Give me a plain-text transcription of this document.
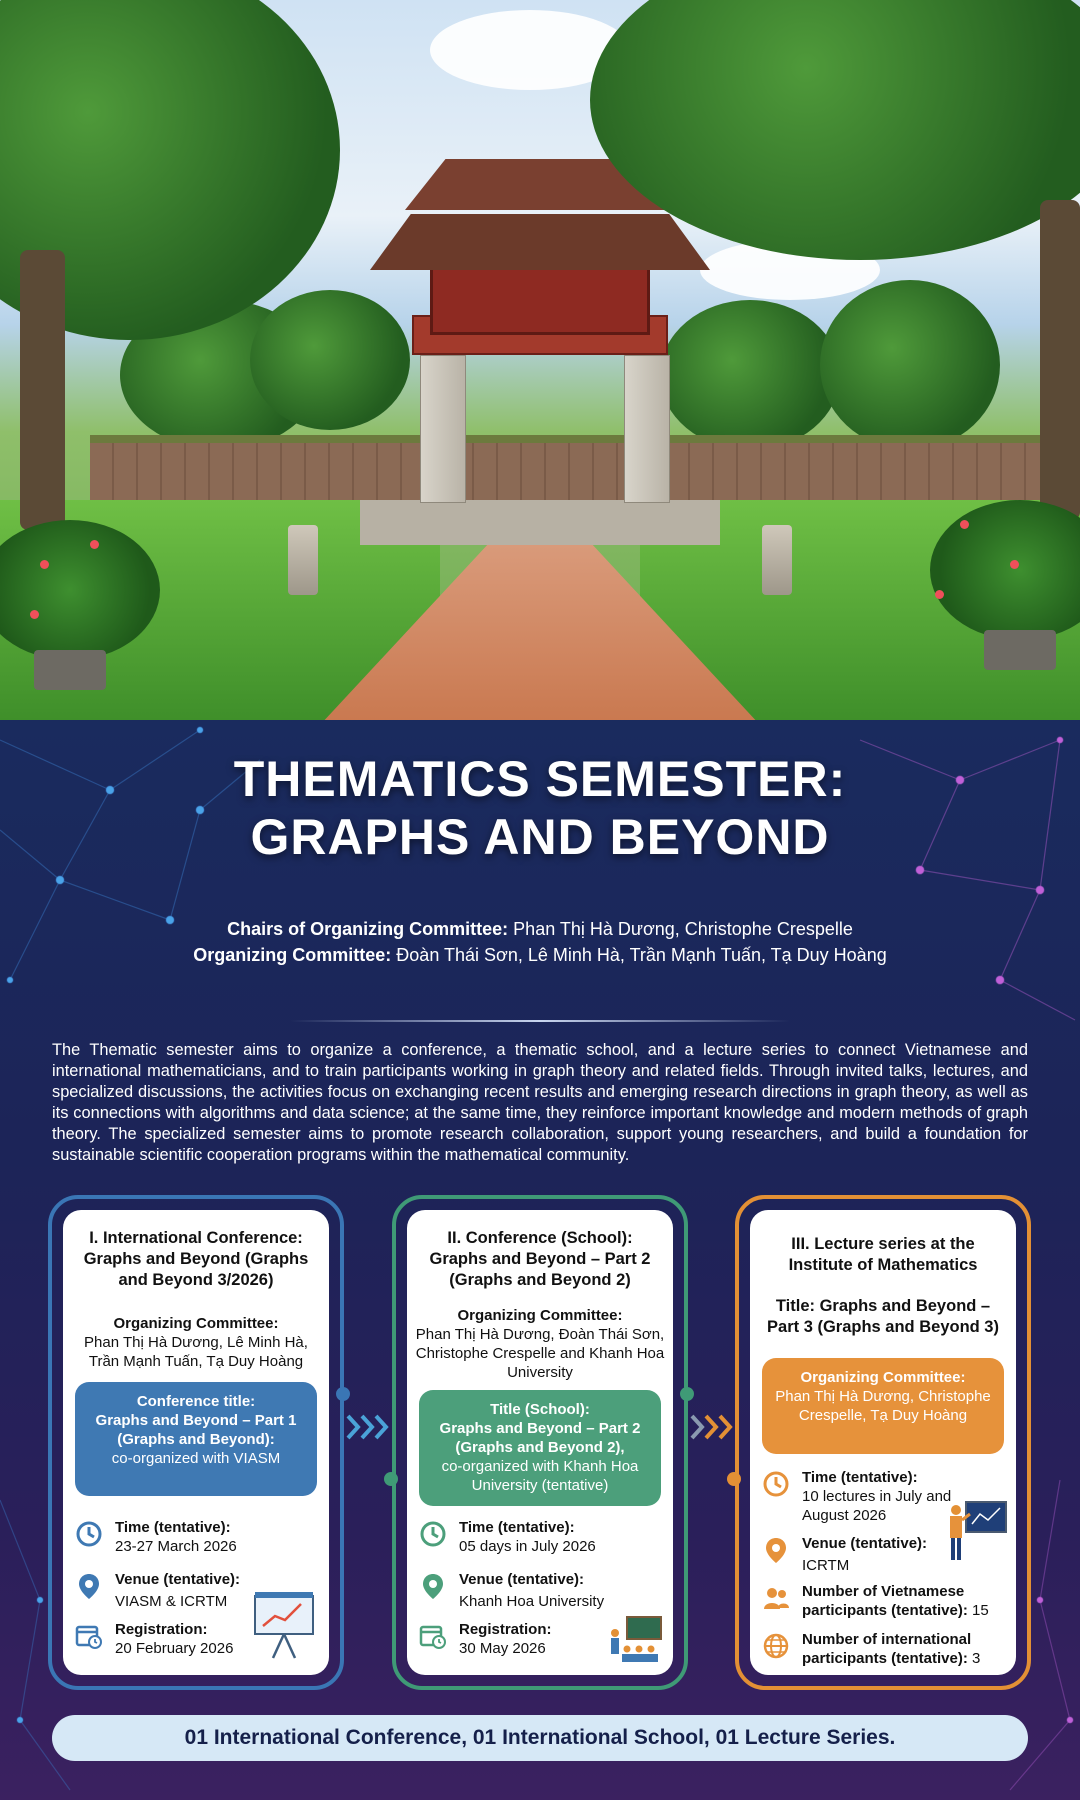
THEMATICS SEMESTER:
GRAPHS AND BEYOND
Chairs of Organizing Committee: Phan Thị Hà Dương, Christophe Crespelle
Organizing Committee: Đoàn Thái Sơn, Lê Minh Hà, Trần Mạnh Tuấn, Tạ Duy Hoàng

The Thematic semester aims to organize a conference, a thematic school, and a lecture series to connect Vietnamese and international mathematicians, and to train participants working in graph theory and related fields. Through invited talks, lectures, and specialized discussions, the activities focus on exchanging recent results and emerging research directions in graph theory, as well as its connections with algorithms and data science; at the same time, they reinforce important knowledge and modern methods of graph theory. The specialized semester aims to promote research collaboration, support young researchers, and build a foundation for sustainable scientific cooperation programs within the mathematical community.

I. International Conference: Graphs and Beyond (Graphs and Beyond 3/2026)
Organizing Committee:
Phan Thị Hà Dương, Lê Minh Hà, Trần Mạnh Tuấn, Tạ Duy Hoàng
Conference title:
Graphs and Beyond – Part 1 (Graphs and Beyond):
co-organized with VIASM
Time (tentative):
23-27 March 2026
Venue (tentative):
VIASM & ICRTM
Registration:
20 February 2026
II. Conference (School): Graphs and Beyond – Part 2 (Graphs and Beyond 2)
Organizing Committee:
Phan Thị Hà Dương, Đoàn Thái Sơn, Christophe Crespelle and Khanh Hoa University
Title (School):
Graphs and Beyond – Part 2 (Graphs and Beyond 2),
co-organized with Khanh Hoa University (tentative)
Time (tentative):
05 days in July 2026
Venue (tentative):
Khanh Hoa University
Registration:
30 May 2026
III. Lecture series at the Institute of Mathematics
Title: Graphs and Beyond – Part 3 (Graphs and Beyond 3)
Organizing Committee:
Phan Thị Hà Dương, Christophe Crespelle, Tạ Duy Hoàng
Time (tentative):
10 lectures in July and August 2026
Venue (tentative):
ICRTM
Number of Vietnamese participants (tentative): 15
Number of international participants (tentative): 3
01 International Conference, 01 International School, 01 Lecture Series.
